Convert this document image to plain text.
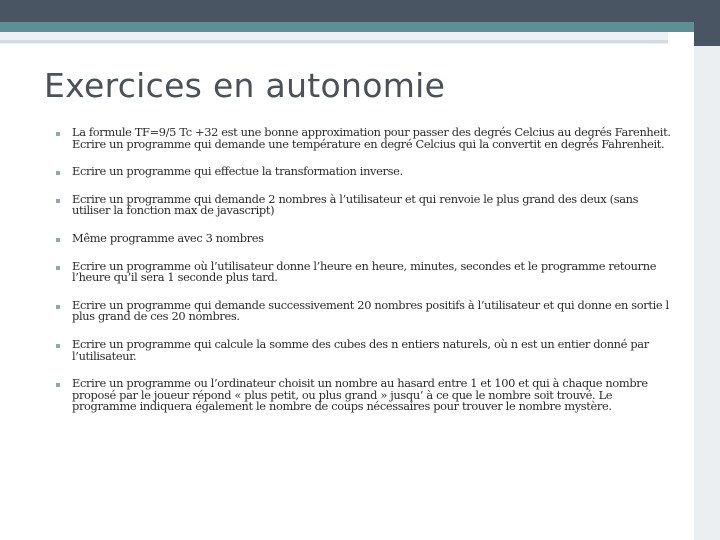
Exercices en autonomie
La formule TF=9/5 Tc +32 est une bonne approximation pour passer des degrés Celcius au degrés Farenheit. Ecrire un programme qui demande une température en degré Celcius qui la convertit en degrés Fahrenheit.
Ecrire un programme qui effectue la transformation inverse.
Ecrire un programme qui demande 2 nombres à l’utilisateur et qui renvoie le plus grand des deux (sans utiliser la fonction max de javascript)
Même programme avec 3 nombres
Ecrire un programme où l’utilisateur donne l’heure en heure, minutes, secondes et le programme retourne l’heure qu’il sera 1 seconde plus tard.
Ecrire un programme qui demande successivement 20 nombres positifs à l’utilisateur et qui donne en sortie l plus grand de ces 20 nombres.
Ecrire un programme qui calcule la somme des cubes des n entiers naturels, où n est un entier donné par l’utilisateur.
Ecrire un programme ou l’ordinateur choisit un nombre au hasard entre 1 et 100 et qui à chaque nombre proposé par le joueur répond « plus petit, ou plus grand » jusqu’ à ce que le nombre soit trouvé. Le programme indiquera également le nombre de coups nécessaires pour trouver le nombre mystère.
